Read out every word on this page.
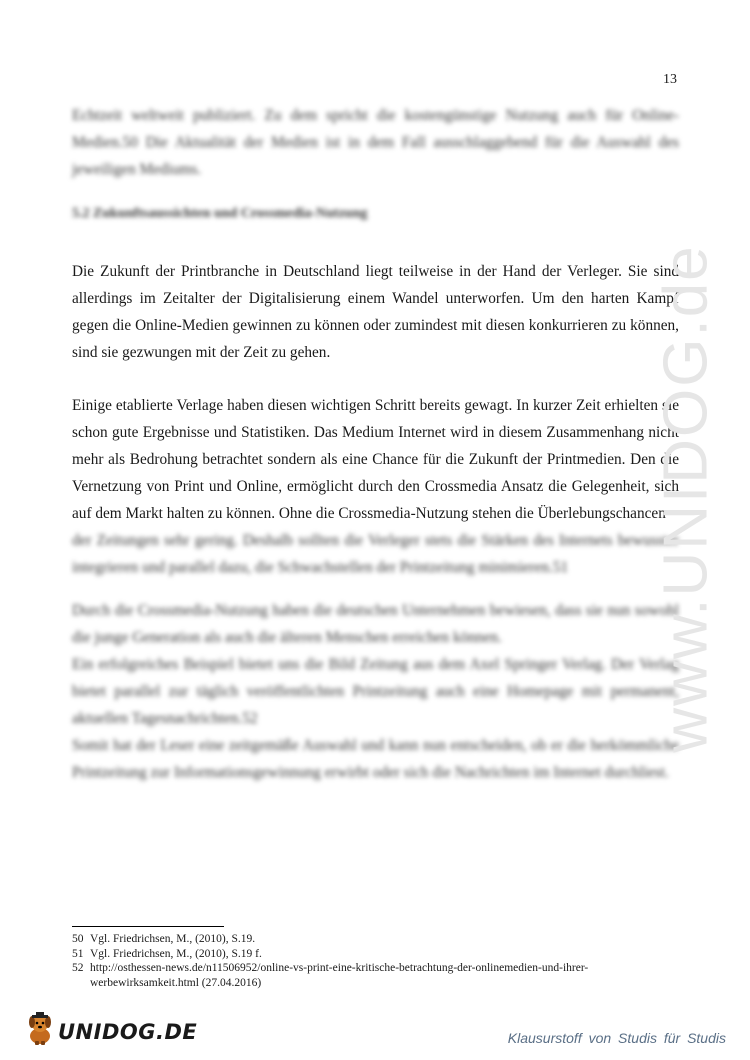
13

Echtzeit weltweit publiziert. Zu dem spricht die kostengünstige Nutzung auch für Online-Medien.50 Die Aktualität der Medien ist in dem Fall ausschlaggebend für die Auswahl des jeweiligen Mediums.

5.2 Zukunftsaussichten und Crossmedia-Nutzung

Die Zukunft der Printbranche in Deutschland liegt teilweise in der Hand der Verleger. Sie sind allerdings im Zeitalter der Digitalisierung einem Wandel unterworfen. Um den harten Kampf gegen die Online-Medien gewinnen zu können oder zumindest mit diesen konkurrieren zu können, sind sie gezwungen mit der Zeit zu gehen.

Einige etablierte Verlage haben diesen wichtigen Schritt bereits gewagt. In kurzer Zeit erhielten sie schon gute Ergebnisse und Statistiken. Das Medium Internet wird in diesem Zusammenhang nicht mehr als Bedrohung betrachtet sondern als eine Chance für die Zukunft der Printmedien. Den die Vernetzung von Print und Online, ermöglicht durch den Crossmedia Ansatz die Gelegenheit, sich auf dem Markt halten zu können. Ohne die Crossmedia-Nutzung stehen die Überlebungschancen

der Zeitungen sehr gering. Deshalb sollten die Verleger stets die Stärken des Internets bewusster integrieren und parallel dazu, die Schwachstellen der Printzeitung minimieren.51

Durch die Crossmedia-Nutzung haben die deutschen Unternehmen bewiesen, dass sie nun sowohl die junge Generation als auch die älteren Menschen erreichen können.

Ein erfolgreiches Beispiel bietet uns die Bild Zeitung aus dem Axel Springer Verlag. Der Verlag bietet parallel zur täglich veröffentlichten Printzeitung auch eine Homepage mit permanent, aktuellen Tagesnachrichten.52

Somit hat der Leser eine zeitgemäße Auswahl und kann nun entscheiden, ob er die herkömmliche Printzeitung zur Informationsgewinnung erwirbt oder sich die Nachrichten im Internet durchliest.

www.UNIDOG.de
50 Vgl. Friedrichsen, M., (2010), S.19.
51 Vgl. Friedrichsen, M., (2010), S.19 f.
52 http://osthessen-news.de/n11506952/online-vs-print-eine-kritische-betrachtung-der-onlinemedien-und-ihrer-werbewirksamkeit.html (27.04.2016)
UNIDOG.DE	Klausurstoff von Studis für Studis
